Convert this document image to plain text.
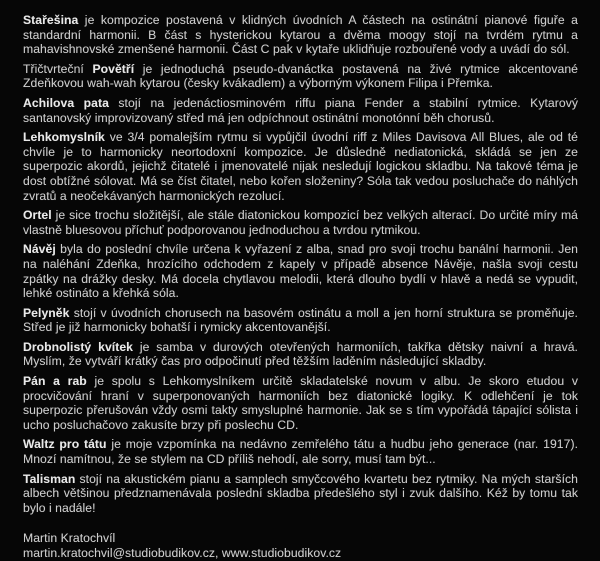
Stařešina je kompozice postavená v klidných úvodních A částech na ostinátní pianové figuře a standardní harmonii. B část s hysterickou kytarou a dvěma moogy stojí na tvrdém rytmu a mahavishnovské zmenšené harmonii. Část C pak v kytaře uklidňuje rozbouřené vody a uvádí do sól.

Třičtvrteční Povětří je jednoduchá pseudo-dvanáctka postavená na živé rytmice akcentované Zdeňkovou wah-wah kytarou (česky kvákadlem) a výborným výkonem Filipa i Přemka.

Achilova pata stojí na jedenáctiosminovém riffu piana Fender a stabilní rytmice. Kytarový santanovský improvizovaný střed má jen odpíchnout ostinátní monotónní běh chorusů.

Lehkomyslník ve 3/4 pomalejším rytmu si vypůjčil úvodní riff z Miles Davisova All Blues, ale od té chvíle je to harmonicky neortodoxní kompozice. Je důsledně nediatonická, skládá se jen ze superpozic akordů, jejichž čitatelé i jmenovatelé nijak nesledují logickou skladbu. Na takové téma je dost obtížné sólovat. Má se číst čitatel, nebo kořen složeniny? Sóla tak vedou posluchače do náhlých zvratů a neočekávaných harmonických rezolucí.

Ortel je sice trochu složitější, ale stále diatonickou kompozicí bez velkých alterací. Do určité míry má vlastně bluesovou příchuť podporovanou jednoduchou a tvrdou rytmikou.

Návěj byla do poslední chvíle určena k vyřazení z alba, snad pro svoji trochu banální harmonii. Jen na naléhání Zdeňka, hrozícího odchodem z kapely v případě absence Návěje, našla svoji cestu zpátky na drážky desky. Má docela chytlavou melodii, která dlouho bydlí v hlavě a nedá se vypudit, lehké ostináto a křehká sóla.

Pelyněk stojí v úvodních chorusech na basovém ostinátu a moll a jen horní struktura se proměňuje. Střed je již harmonicky bohatší i rymicky akcentovanější.

Drobnolistý kvítek je samba v durových otevřených harmoniích, takřka dětsky naivní a hravá. Myslím, že vytváří krátký čas pro odpočinutí před těžším laděním následující skladby.

Pán a rab je spolu s Lehkomyslníkem určitě skladatelské novum v albu. Je skoro etudou v procvičování hraní v superponovaných harmoniích bez diatonické logiky. K odlehčení je tok superpozic přerušován vždy osmi takty smysluplné harmonie. Jak se s tím vypořádá tápající sólista i ucho posluchačovo zakusíte brzy při poslechu CD.

Waltz pro tátu je moje vzpomínka na nedávno zemřelého tátu a hudbu jeho generace (nar. 1917). Mnozí namítnou, že se stylem na CD příliš nehodí, ale sorry, musí tam být...

Talisman stojí na akustickém pianu a samplech smyčcového kvartetu bez rytmiky. Na mých starších albech většinou předznamenávala poslední skladba předešlého styl i zvuk dalšího. Kéž by tomu tak bylo i nadále!

Martin Kratochvíl

martin.kratochvil@studiobudikov.cz, www.studiobudikov.cz
